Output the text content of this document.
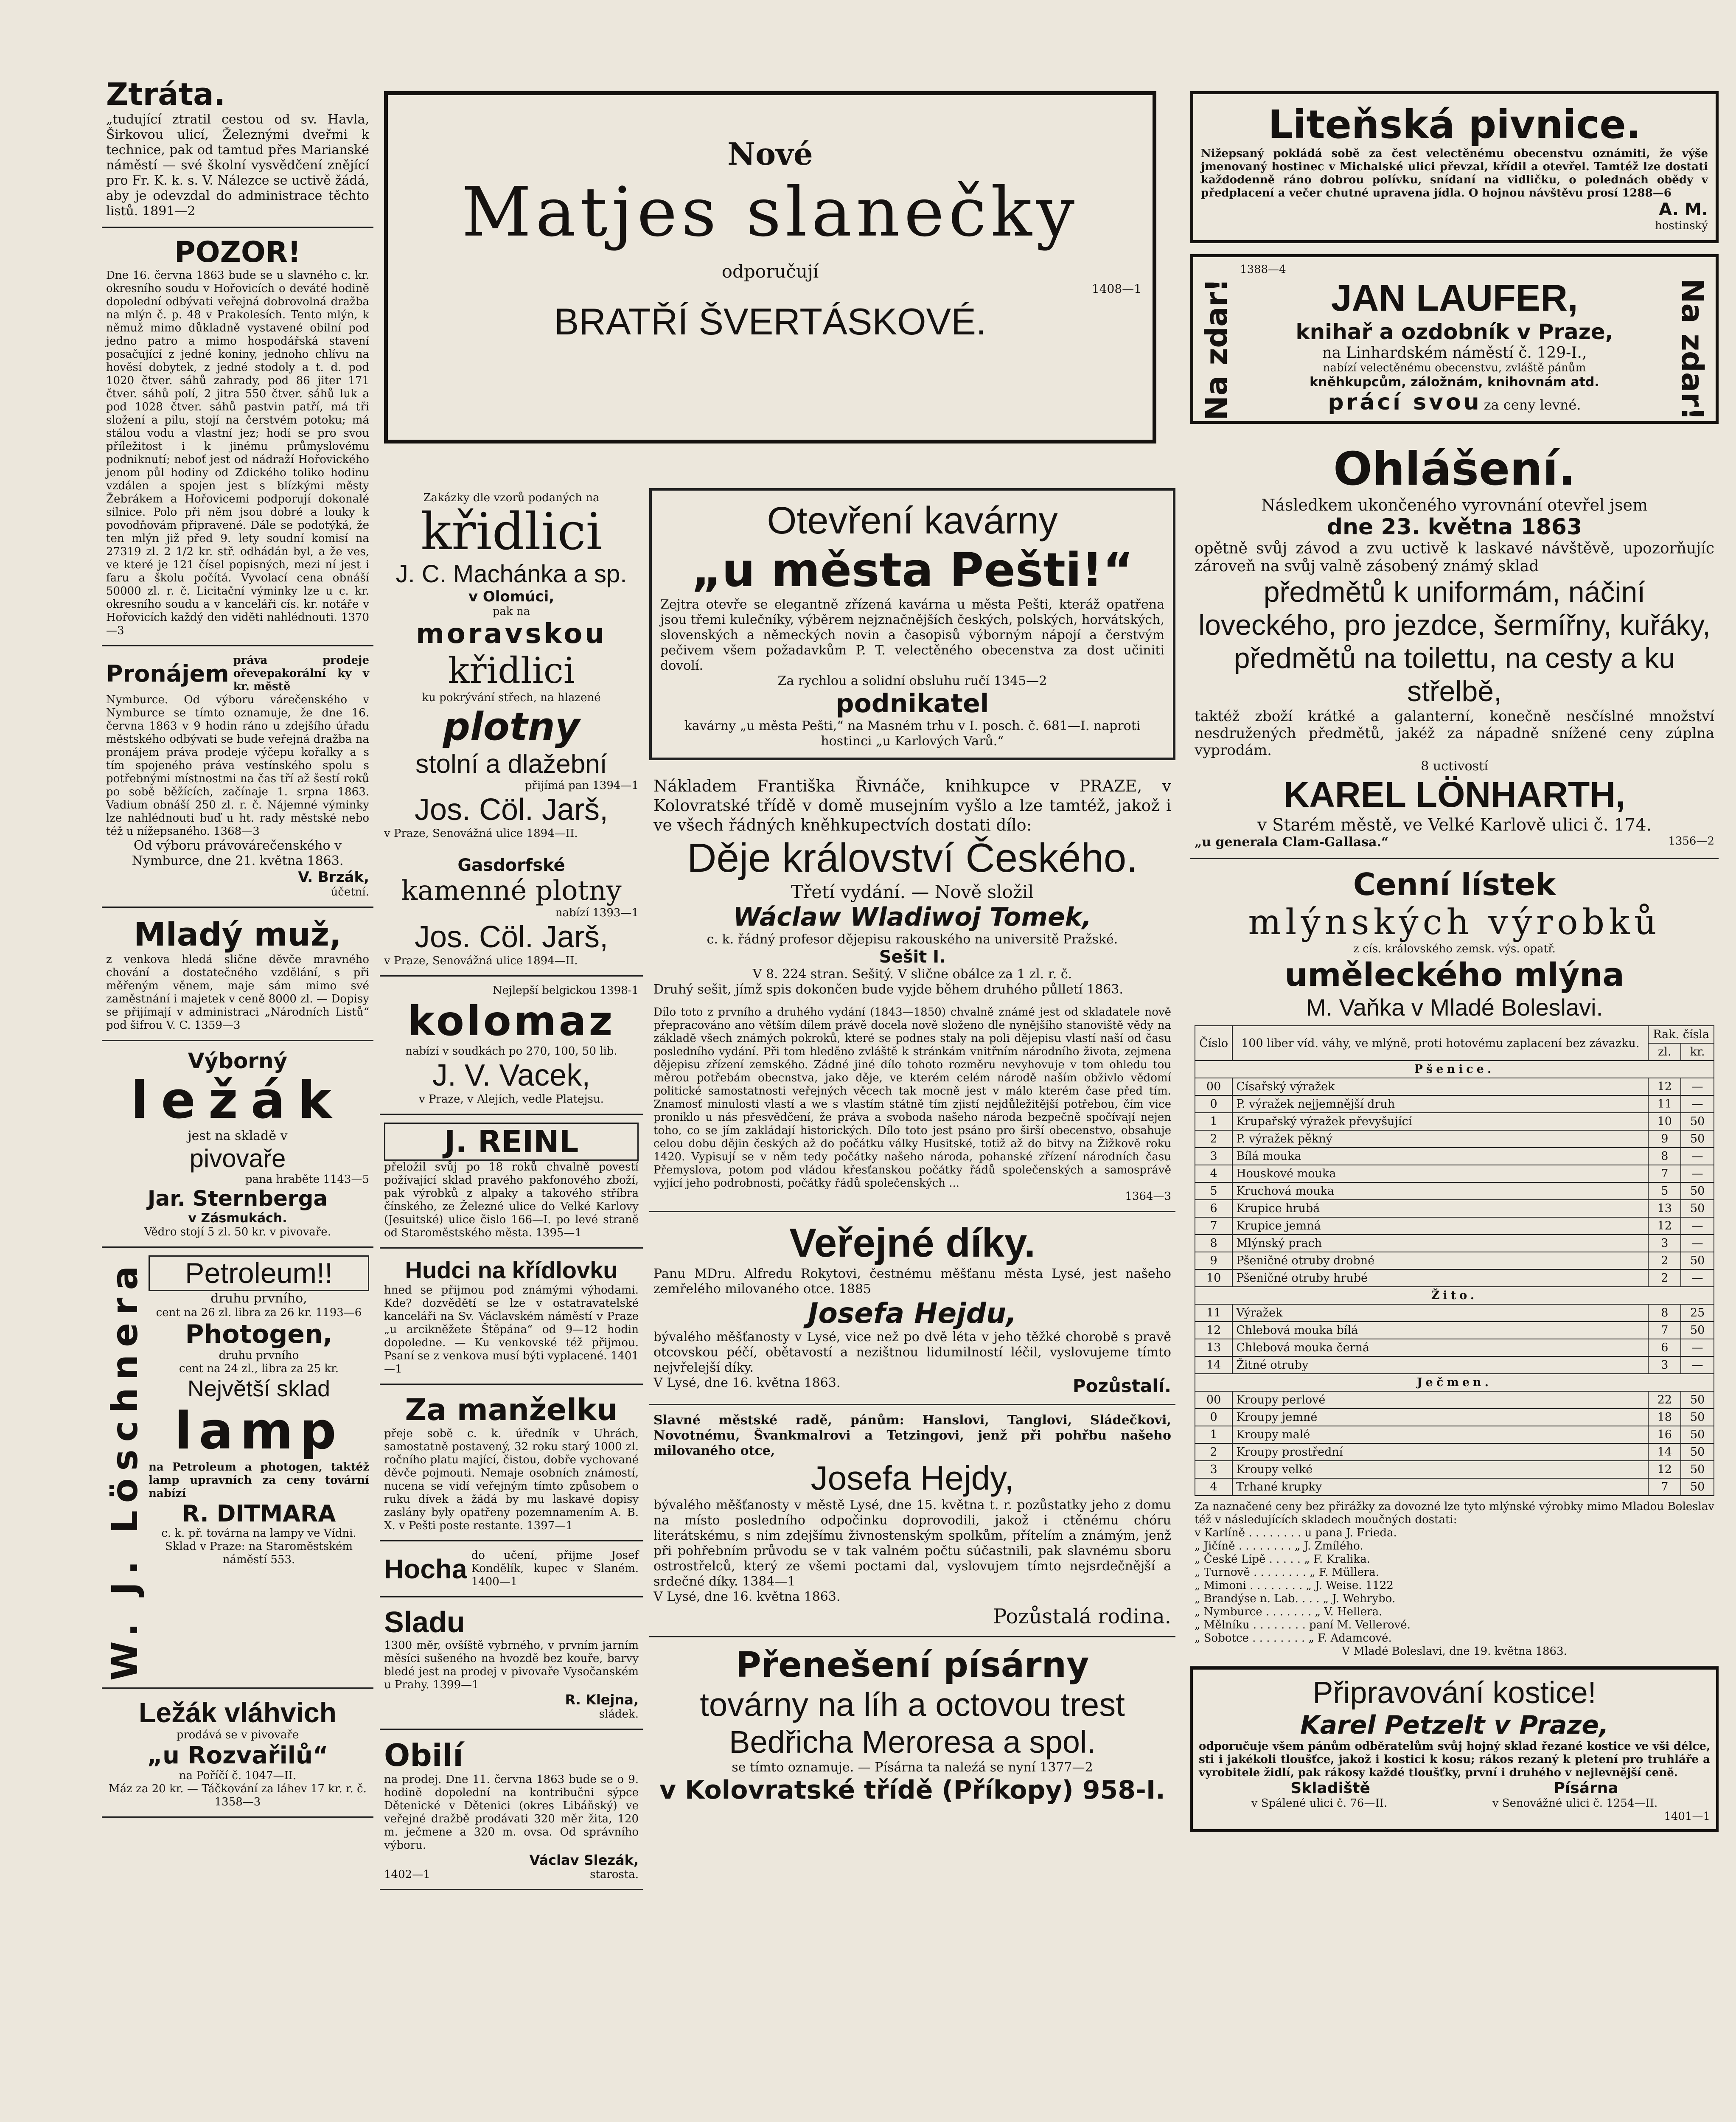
Ztráta.
„tudující ztratil cestou od sv. Havla, Širkovou ulicí, Železnými dveřmi k technice, pak od tamtud přes Marianské náměstí — své školní vysvědčení znějící pro Fr. K. k. s. V. Nálezce se uctivě žádá, aby je odevzdal do administrace těchto listů. 1891—2
POZOR!
Dne 16. června 1863 bude se u slavného c. kr. okresního soudu v Hořovicích o deváté hodině dopolední odbývati veřejná dobrovolná dražba na mlýn č. p. 48 v Prakolesích. Tento mlýn, k němuž mimo důkladně vystavené obilní pod jedno patro a mimo hospodářská stavení posačující z jedné koniny, jednoho chlívu na hověsí dobytek, z jedné stodoly a t. d. pod 1020 čtver. sáhů zahrady, pod 86 jiter 171 čtver. sáhů polí, 2 jitra 550 čtver. sáhů luk a pod 1028 čtver. sáhů pastvin patří, má tři složení a pilu, stojí na čerstvém potoku; má stálou vodu a vlastní jez; hodí se pro svou příležitost i k jinému průmyslovému podniknutí; neboť jest od nádraží Hořovického jenom půl hodiny od Zdického toliko hodinu vzdálen a spojen jest s blízkými městy Žebrákem a Hořovicemi podporují dokonalé silnice. Polo při něm jsou dobré a louky k povodňovám připravené. Dále se podotýká, že ten mlýn již před 9. lety soudní komisí na 27319 zl. 2 1/2 kr. stř. odhádán byl, a že ves, ve které je 121 čísel popisných, mezi ní jest i faru a školu počítá. Vyvolací cena obnáší 50000 zl. r. č. Licitační výminky lze u c. kr. okresního soudu a v kanceláři cís. kr. notáře v Hořovicích každý den viděti nahlédnouti. 1370—3
Pronájem práva prodeje ořevepakorální ky v kr. městě
Nymburce. Od výboru várečenského v Nymburce se tímto oznamuje, že dne 16. června 1863 v 9 hodin ráno u zdejšího úřadu městského odbývati se bude veřejná dražba na pronájem práva prodeje výčepu kořalky a s tím spojeného práva vestínského spolu s potřebnými místnostmi na čas tří až šestí roků po sobě běžících, začínaje 1. srpna 1863. Vadium obnáší 250 zl. r. č. Nájemné výminky lze nahlédnouti buď u ht. rady městské nebo též u nížepsaného. 1368—3
Od výboru právovárečenského v Nymburce, dne 21. května 1863.
V. Brzák,
účetní.
Mladý muž,
z venkova hledá slične děvče mravného chování a dostatečného vzdělání, s při měřeným věnem, maje sám mimo své zaměstnání i majetek v ceně 8000 zl. — Dopisy se přijímají v administraci „Národních Listů“ pod šifrou V. C. 1359—3
Výborný
ležák
jest na skladě v
pivovaře
pana hraběte 1143—5
Jar. Sternberga
v Zásmukách.
Vědro stojí 5 zl. 50 kr. v pivovaře.
W. J. Löschnera	Petroleum!!
druhu prvního,
cent na 26 zl. libra za 26 kr. 1193—6
Photogen,
druhu prvního
cent na 24 zl., libra za 25 kr.
Největší sklad
lamp
na Petroleum a photogen, taktéž lamp upravních za ceny tovární nabízí
R. DITMARA
c. k. př. továrna na lampy ve Vídni.
Sklad v Praze: na Staroměstském náměstí 553.
Ležák vláhvich
prodává se v pivovaře
„u Rozvařilů“
na Poříčí č. 1047—II.
Máz za 20 kr. — Táčkování za láhev 17 kr. r. č. 1358—3
Nové
Matjes slanečky
odporučují
1408—1
BRATŘÍ ŠVERTÁSKOVÉ.
Zakázky dle vzorů podaných na
křidlici
J. C. Machánka a sp.
v Olomúci,
pak na
moravskou
křidlici
ku pokrývání střech, na hlazené
plotny
stolní a dlažební
přijímá pan 1394—1
Jos. Cöl. Jarš,
v Praze, Senovážná ulice 1894—II.
Gasdorfské
kamenné plotny
nabízí 1393—1
Jos. Cöl. Jarš,
v Praze, Senovážná ulice 1894—II.
Nejlepší belgickou 1398-1
kolomaz
nabízí v soudkách po 270, 100, 50 lib.
J. V. Vacek,
v Praze, v Alejích, vedle Platejsu.
J. REINL
přeložil svůj po 18 roků chvalně povestí požívající sklad pravého pakfonového zboží, pak výrobků z alpaky a takového stříbra čínského, ze Železné ulice do Velké Karlovy (Jesuitské) ulice čislo 166—I. po levé straně od Staroměstského města. 1395—1
Hudci na křídlovku
hned se přijmou pod známými výhodami. Kde? dozvědětí se lze v ostatravatelské kanceláři na Sv. Václavském náměstí v Praze „u arcikněžete Štěpána“ od 9—12 hodin dopoledne. — Ku venkovské též přijmou. Psaní se z venkova musí býti vyplacené. 1401—1
Za manželku
přeje sobě c. k. úředník v Uhrách, samostatně postavený, 32 roku starý 1000 zl. ročního platu mající, čistou, dobře vychované děvče pojmouti. Nemaje osobních známostí, nucena se vidí veřejným tímto způsobem o ruku dívek a žádá by mu laskavé dopisy zaslány byly opatřeny pozemnamením A. B. X. v Pešti poste restante. 1397—1
Hocha do učení, přijme Josef Kondělík, kupec v Slaném. 1400—1
Sladu
1300 měr, ovšíště vybrného, v prvním jarním měsíci sušeného na hvozdě bez kouře, barvy bledé jest na prodej v pivovaře Vysočanském u Prahy. 1399—1
R. Klejna,
sládek.
Obilí
na prodej. Dne 11. června 1863 bude se o 9. hodině dopolední na kontribučni sýpce Dětenické v Dětenici (okres Libáňský) ve veřejné dražbě prodávati 320 měr žita, 120 m. ječmene a 320 m. ovsa. Od správního výboru.
Václav Slezák,
1402—1	starosta.
Otevření kavárny
„u města Pešti!“
Zejtra otevře se elegantně zřízená kavárna u města Pešti, kteráž opatřena jsou třemi kulečníky, výběrem nejznačnějších českých, polských, horvátských, slovenských a německých novin a časopisů výborným nápojí a čerstvým pečivem všem požadavkům P. T. velectěného obecenstva za dost učiniti dovolí.
Za rychlou a solidní obsluhu ručí 1345—2
podnikatel
kavárny „u města Pešti,“ na Masném trhu v I. posch. č. 681—I. naproti hostinci „u Karlových Varů.“
Nákladem Františka Řivnáče, knihkupce v PRAZE, v Kolovratské třídě v domě musejním vyšlo a lze tamtéž, jakož i ve všech řádných kněhkupectvích dostati dílo:
Děje království Českého.
Třetí vydání. — Nově složil
Wáclaw Wladiwoj Tomek,
c. k. řádný profesor dějepisu rakouského na universitě Pražské.
Sešit I.
V 8. 224 stran. Sešitý. V slične obálce za 1 zl. r. č.
Druhý sešit, jímž spis dokončen bude vyjde během druhého půlletí 1863.
Dílo toto z prvního a druhého vydání (1843—1850) chvalně známé jest od skladatele nově přepracováno ano větším dílem právě docela nově složeno dle nynějšího stanoviště vědy na základě všech známých pokroků, které se podnes staly na poli dějepisu vlastí naší od času posledního vydání. Při tom hleděno zvláště k stránkám vnitřním národního života, zejmena dějepisu zřízení zemského. Zádné jiné dílo tohoto rozměru nevyhovuje v tom ohledu tou měrou potřebám obecnstva, jako děje, ve kterém celém národě naším obživlo vědomí politické samostatnosti veřejných věcech tak mocně jest v málo kterém čase před tím. Znamosť minulosti vlastí a we s vlastím státně tím zjistí nejdůležitější potřebou, čím vice proniklo u nás přesvědčení, že práva a svoboda našeho národa bezpečně spočívají nejen toho, co se jím zakládají historických. Dílo toto jest psáno pro širší obecenstvo, obsahuje celou dobu dějin českých až do počátku války Husitské, totiž až do bitvy na Žižkově roku 1420. Vypisují se v něm tedy počátky našeho národa, pohanské zřízení národních času Přemyslova, potom pod vládou křesťanskou počátky řádů společenských a samosprávě vyjící jeho podrobnosti, počátky řádů společenských ...
1364—3
Veřejné díky.
Panu MDru. Alfredu Rokytovi, čestnému měšťanu města Lysé, jest našeho zemřelého milovaného otce. 1885
Josefa Hejdu,
bývalého měšťanosty v Lysé, vice než po dvě léta v jeho těžké chorobě s pravě otcovskou péčí, obětavostí a nezištnou lidumilností léčil, vyslovujeme tímto nejvřelejší díky.
V Lysé, dne 16. května 1863.	Pozůstalí.
Slavné městské radě, pánům: Hanslovi, Tanglovi, Sládečkovi, Novotnému, Švankmalrovi a Tetzingovi, jenž při pohřbu našeho milovaného otce,
Josefa Hejdy,
bývalého měšťanosty v městě Lysé, dne 15. května t. r. pozůstatky jeho z domu na místo posledního odpočinku doprovodili, jakož i ctěnému chóru literátskému, s nim zdejšímu živnostenským spolkům, přítelím a známým, jenž při pohřebním průvodu se v tak valném počtu súčastnili, pak slavnému sboru ostrostřelců, který ze všemi poctami dal, vyslovujem tímto nejsrdečnější a srdečné díky. 1384—1
V Lysé, dne 16. května 1863.
Pozůstalá rodina.
Přenešení písárny
továrny na líh a octovou trest
Bedřicha Meroresa a spol.
se tímto oznamuje. — Písárna ta naleźá se nyní 1377—2
v Kolovratské třídě (Příkopy) 958-I.
Liteňská pivnice.
Nižepsaný pokládá sobě za čest velectěnému obecenstvu oznámiti, že výše jmenovaný hostinec v Michalské ulici převzal, křídil a otevřel. Tamtéž lze dostati každodenně ráno dobrou polívku, snídaní na vidličku, o polednách obědy v předplacení a večer chutné upravena jídla. O hojnou návštěvu prosí 1288—6
A. M.
hostinský
Na zdar!	Na zdar!
1388—4
JAN LAUFER,
knihař a ozdobník v Praze,
na Linhardském náměstí č. 129-I.,
nabízí velectěnému obecenstvu, zvláště pánům
kněhkupcům, záložnám, knihovnám atd.
prácí svou za ceny levné.
Ohlášení.
Následkem ukončeného vyrovnání otevřel jsem
dne 23. května 1863
opětně svůj závod a zvu uctivě k laskavé návštěvě, upozorňujíc zároveň na svůj valně zásobený známý sklad
předmětů k uniformám, náčiní loveckého, pro jezdce, šermířny, kuřáky, předmětů na toilettu, na cesty a ku střelbě,
taktéž zboží krátké a galanterní, konečně nesčíslné množství nesdružených předmětů, jakéž za nápadně snížené ceny zúplna vyprodám.
8 uctivostí
KAREL LÖNHARTH,
v Starém městě, ve Velké Karlově ulici č. 174.
„u generala Clam-Gallasa.“	1356—2
Cenní lístek
mlýnských výrobků
z cís. královského zemsk. výs. opatř.
uměleckého mlýna
M. Vaňka v Mladé Boleslavi.
Číslo	100 liber víd. váhy, ve mlýně, proti hotovému zaplacení bez závazku.	Rak. čísla	
		zl.	kr.
Pšenice.			
00	Císařský výražek	12	—
0	P. výražek nejjemnější druh	11	—
1	Krupařský výražek převyšující	10	50
2	P. výražek pěkný	9	50
3	Bílá mouka	8	—
4	Houskové mouka	7	—
5	Kruchová mouka	5	50
6	Krupice hrubá	13	50
7	Krupice jemná	12	—
8	Mlýnský prach	3	—
9	Pšeničné otruby drobné	2	50
10	Pšeničné otruby hrubé	2	—
Žito.			
11	Výražek	8	25
12	Chlebová mouka bílá	7	50
13	Chlebová mouka černá	6	—
14	Žitné otruby	3	—
Ječmen.			
00	Kroupy perlové	22	50
0	Kroupy jemné	18	50
1	Kroupy malé	16	50
2	Kroupy prostřední	14	50
3	Kroupy velké	12	50
4	Trhané krupky	7	50
Za naznačené ceny bez přirážky za dovozné lze tyto mlýnské výrobky mimo Mladou Boleslav též v následujících skladech moučných dostati:
v Karlíně . . . . . . . . u pana J. Frieda.
„ Jičíně . . . . . . . . „ J. Zmílého.
„ České Lípě . . . . . „ F. Kralika.
„ Turnově . . . . . . . . „ F. Müllera.
„ Mimoni . . . . . . . . „ J. Weise. 1122
„ Brandýse n. Lab. . . . „ J. Wehrybo.
„ Nymburce . . . . . . . „ V. Hellera.
„ Mělníku . . . . . . . . paní M. Vellerové.
„ Sobotce . . . . . . . . „ F. Adamcové.
V Mladé Boleslavi, dne 19. května 1863.
Připravování kostice!
Karel Petzelt v Praze,
odporučuje všem pánům odběratelům svůj hojný sklad řezané kostice ve vši délce, sti i jakékoli tloušťce, jakož i kostici k kosu; rákos rezaný k pletení pro truhláře a vyrobitele židlí, pak rákosy každé tloušťky, první i druhého v nejlevnější ceně.
Skladiště	Písárna
v Spálené ulici č. 76—II.	v Senovážné ulici č. 1254—II.
1401—1
